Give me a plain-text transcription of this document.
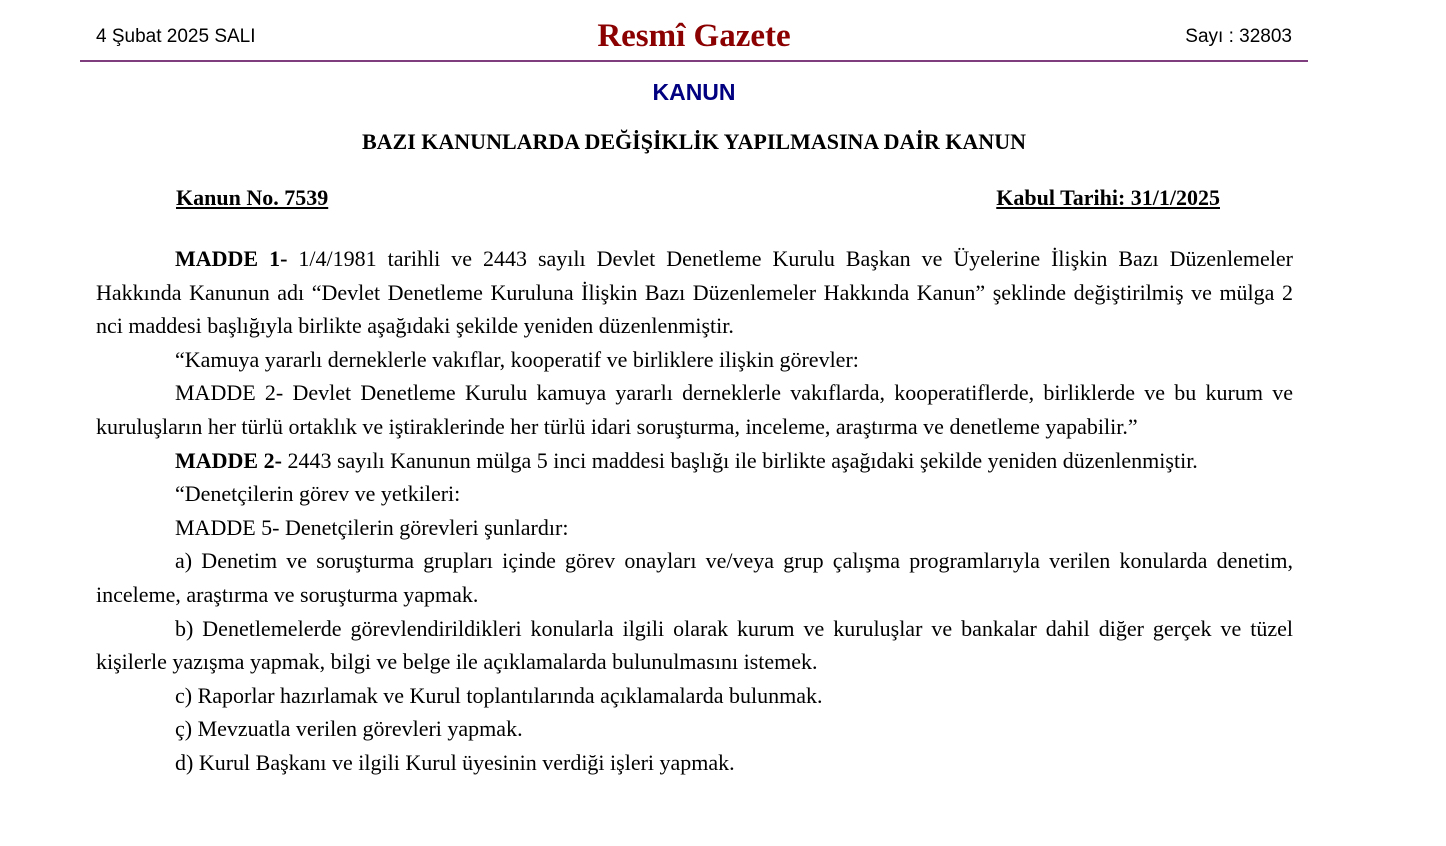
4 Şubat 2025 SALI	Resmî Gazete	Sayı : 32803
KANUN
BAZI KANUNLARDA DEĞİŞİKLİK YAPILMASINA DAİR KANUN
Kanun No. 7539	Kabul Tarihi: 31/1/2025

MADDE 1- 1/4/1981 tarihli ve 2443 sayılı Devlet Denetleme Kurulu Başkan ve Üyelerine İlişkin Bazı Düzenlemeler Hakkında Kanunun adı “Devlet Denetleme Kuruluna İlişkin Bazı Düzenlemeler Hakkında Kanun” şeklinde değiştirilmiş ve mülga 2 nci maddesi başlığıyla birlikte aşağıdaki şekilde yeniden düzenlenmiştir.

“Kamuya yararlı derneklerle vakıflar, kooperatif ve birliklere ilişkin görevler:

MADDE 2- Devlet Denetleme Kurulu kamuya yararlı derneklerle vakıflarda, kooperatiflerde, birliklerde ve bu kurum ve kuruluşların her türlü ortaklık ve iştiraklerinde her türlü idari soruşturma, inceleme, araştırma ve denetleme yapabilir.”

MADDE 2- 2443 sayılı Kanunun mülga 5 inci maddesi başlığı ile birlikte aşağıdaki şekilde yeniden düzenlenmiştir.

“Denetçilerin görev ve yetkileri:

MADDE 5- Denetçilerin görevleri şunlardır:

a) Denetim ve soruşturma grupları içinde görev onayları ve/veya grup çalışma programlarıyla verilen konularda denetim, inceleme, araştırma ve soruşturma yapmak.

b) Denetlemelerde görevlendirildikleri konularla ilgili olarak kurum ve kuruluşlar ve bankalar dahil diğer gerçek ve tüzel kişilerle yazışma yapmak, bilgi ve belge ile açıklamalarda bulunulmasını istemek.

c) Raporlar hazırlamak ve Kurul toplantılarında açıklamalarda bulunmak.

ç) Mevzuatla verilen görevleri yapmak.

d) Kurul Başkanı ve ilgili Kurul üyesinin verdiği işleri yapmak.
